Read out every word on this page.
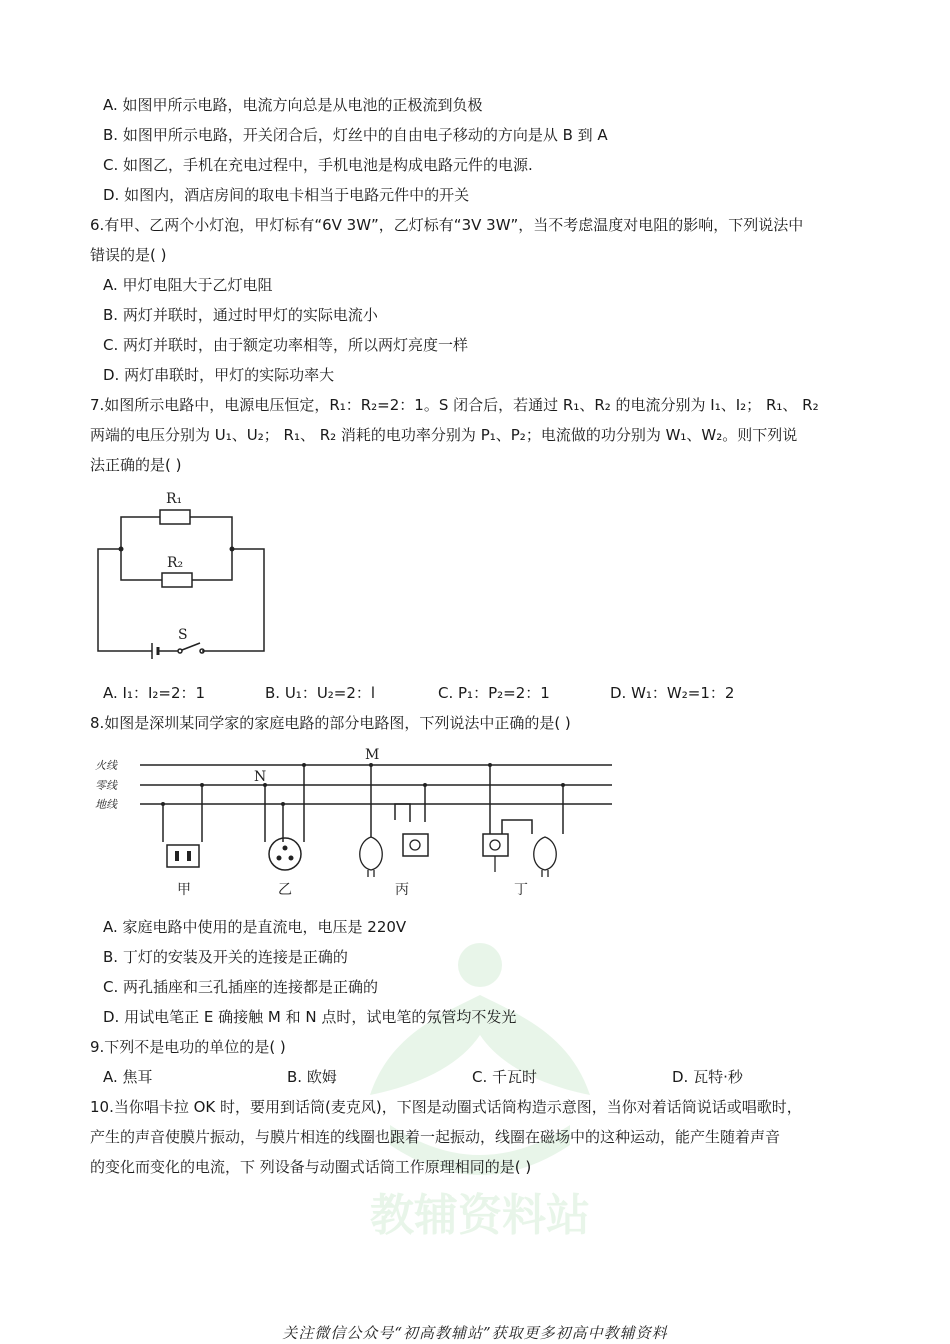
教辅资料站
A. 如图甲所示电路，电流方向总是从电池的正极流到负极
B. 如图甲所示电路，开关闭合后，灯丝中的自由电子移动的方向是从 B 到 A
C. 如图乙，手机在充电过程中，手机电池是构成电路元件的电源.
D. 如图内，酒店房间的取电卡相当于电路元件中的开关
6.有甲、乙两个小灯泡，甲灯标有“6V 3W”，乙灯标有“3V 3W”，当不考虑温度对电阻的影响，下列说法中
错误的是( )
A. 甲灯电阻大于乙灯电阻
B. 两灯并联时，通过时甲灯的实际电流小
C. 两灯并联时，由于额定功率相等，所以两灯亮度一样
D. 两灯串联时，甲灯的实际功率大
7.如图所示电路中，电源电压恒定，R₁：R₂=2：1。S 闭合后，若通过 R₁、R₂ 的电流分别为 I₁、I₂； R₁、 R₂
两端的电压分别为 U₁、U₂； R₁、 R₂ 消耗的电功率分别为 P₁、P₂；电流做的功分别为 W₁、W₂。则下列说
法正确的是( )
R₁
R₂
S
A. I₁：I₂=2：1	B. U₁：U₂=2：l	C. P₁：P₂=2：1	D. W₁：W₂=1：2
8.如图是深圳某同学家的家庭电路的部分电路图，下列说法中正确的是( )
火线
零线
地线
M
N
甲	乙	丙	丁
A. 家庭电路中使用的是直流电，电压是 220V
B. 丁灯的安装及开关的连接是正确的
C. 两孔插座和三孔插座的连接都是正确的
D. 用试电笔正 E 确接触 M 和 N 点时，试电笔的氖管均不发光
9.下列不是电功的单位的是( )
A. 焦耳	B. 欧姆	C. 千瓦时	D. 瓦特·秒
10.当你唱卡拉 OK 时，要用到话筒(麦克风)，下图是动圈式话筒构造示意图，当你对着话筒说话或唱歌时，
产生的声音使膜片振动，与膜片相连的线圈也跟着一起振动，线圈在磁场中的这种运动，能产生随着声音
的变化而变化的电流，下 列设备与动圈式话筒工作原理相同的是( )
关注微信公众号“初高教辅站”获取更多初高中教辅资料
